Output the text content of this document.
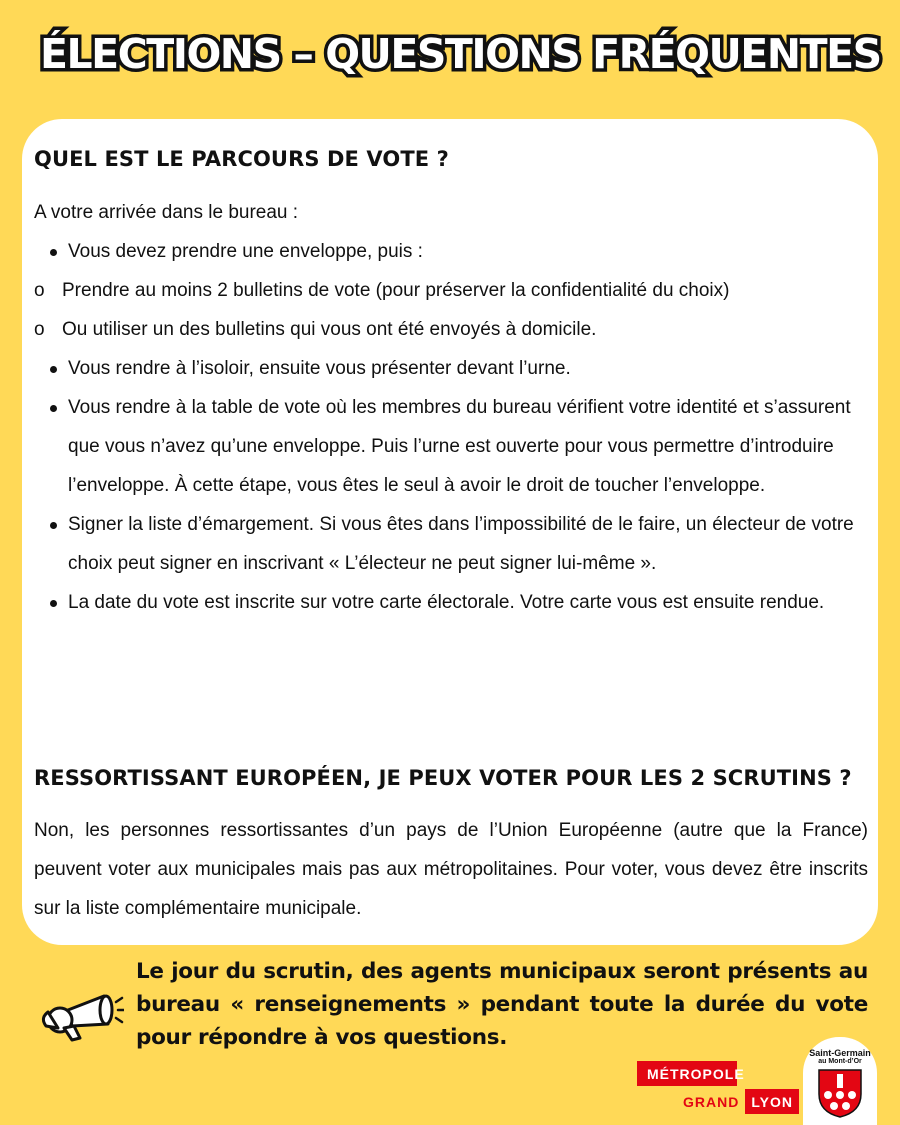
ÉLECTIONS – QUESTIONS FRÉQUENTES
QUEL EST LE PARCOURS DE VOTE ?

A votre arrivée dans le bureau :

Vous devez prendre une enveloppe, puis :
o Prendre au moins 2 bulletins de vote (pour préserver la confidentialité du choix)
o Ou utiliser un des bulletins qui vous ont été envoyés à domicile.
Vous rendre à l’isoloir, ensuite vous présenter devant l’urne.
Vous rendre à la table de vote où les membres du bureau vérifient votre identité et s’assurent que vous n’avez qu’une enveloppe. Puis l’urne est ouverte pour vous permettre d’introduire l’enveloppe. À cette étape, vous êtes le seul à avoir le droit de toucher l’enveloppe.
Signer la liste d’émargement. Si vous êtes dans l’impossibilité de le faire, un électeur de votre choix peut signer en inscrivant « L’électeur ne peut signer lui-même ».
La date du vote est inscrite sur votre carte électorale. Votre carte vous est ensuite rendue.
RESSORTISSANT EUROPÉEN, JE PEUX VOTER POUR LES 2 SCRUTINS ?
Non, les personnes ressortissantes d’un pays de l’Union Européenne (autre que la France) peuvent voter aux municipales mais pas aux métropolitaines. Pour voter, vous devez être inscrits sur la liste complémentaire municipale.
Le jour du scrutin, des agents municipaux seront présents au bureau « renseignements » pendant toute la durée du vote pour répondre à vos questions.
MÉTROPOLE
GRAND LYON
Saint-Germain
au Mont-d’Or
